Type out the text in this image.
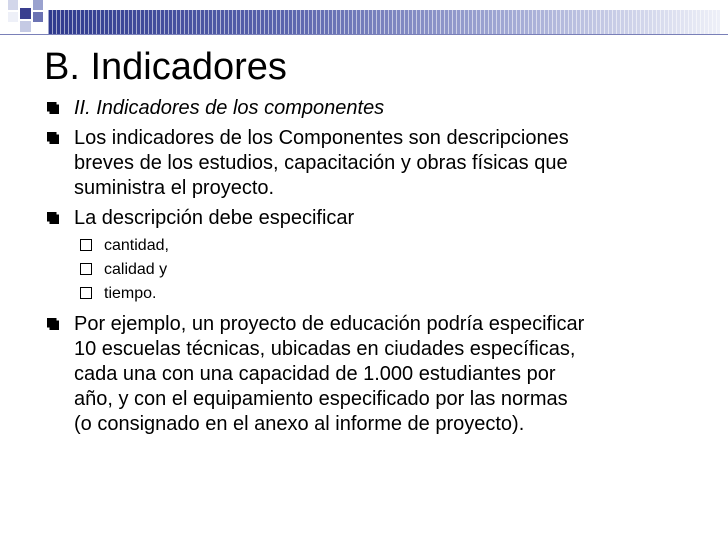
B. Indicadores
II. Indicadores de los componentes
Los indicadores de los Componentes son descripciones
breves de los estudios, capacitación y obras físicas que
suministra el proyecto.
La descripción debe especificar
cantidad,
calidad y
tiempo.
Por ejemplo, un proyecto de educación podría especificar
10 escuelas técnicas, ubicadas en ciudades específicas,
cada una con una capacidad de 1.000 estudiantes por
año, y con el equipamiento especificado por las normas
(o consignado en el anexo al informe de proyecto).
